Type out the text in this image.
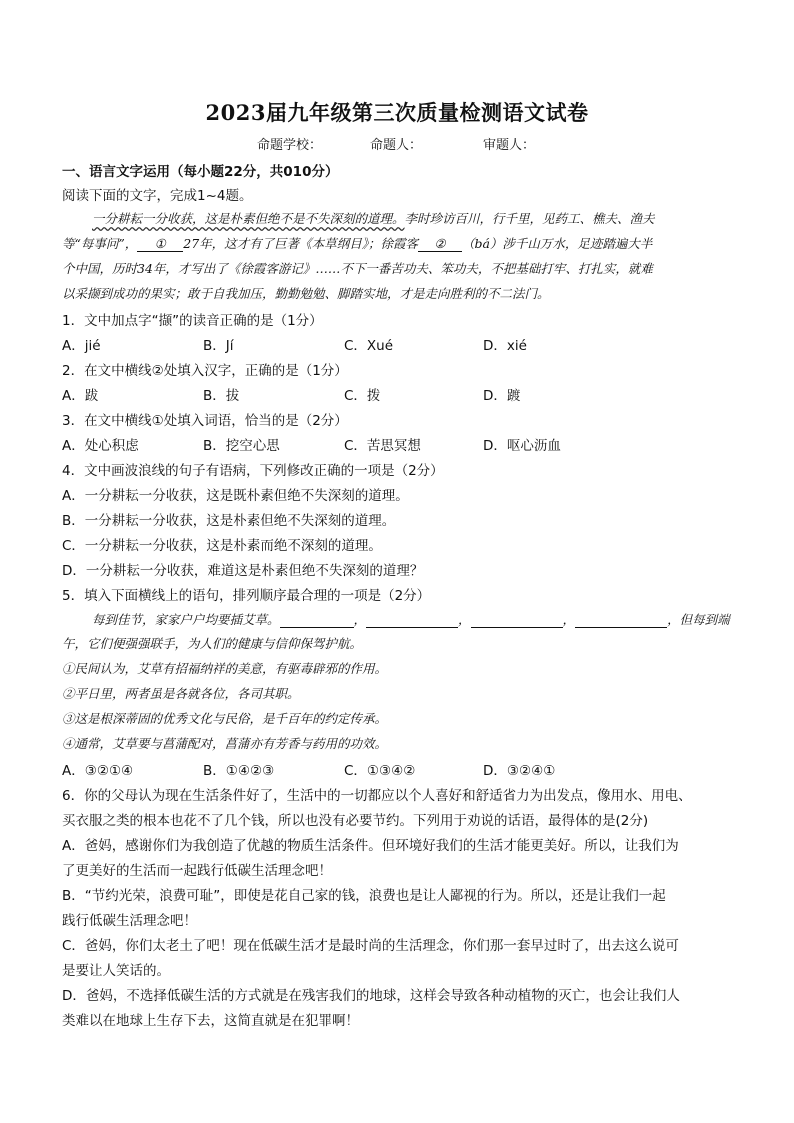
2023届九年级第三次质量检测语文试卷
命题学校：	命题人：	审题人：
一、语言文字运用（每小题22分，共010分）
阅读下面的文字，完成1~4题。
一分耕耘一分收获，这是朴素但绝不是不失深刻的道理。李时珍访百川，行千里，见药工、樵夫、渔夫
等“每事问”， ① 27年，这才有了巨著《本草纲目》；徐霞客 ② （bá）涉千山万水，足迹踏遍大半
个中国，历时34年，才写出了《徐霞客游记》……不下一番苦功夫、笨功夫，不把基础打牢、打扎实，就难
以采撷到成功的果实；敢于自我加压，勤勤勉勉、脚踏实地，才是走向胜利的不二法门。
1．文中加点字“撷”的读音正确的是（1分）
A．jié	B．Jí	C．Xué	D．xié
2．在文中横线②处填入汉字，正确的是（1分）
A．跋	B．拔	C．拨	D．踱
3．在文中横线①处填入词语，恰当的是（2分）
A．处心积虑	B．挖空心思	C．苦思冥想	D．呕心沥血
4．文中画波浪线的句子有语病，下列修改正确的一项是（2分）
A．一分耕耘一分收获，这是既朴素但绝不失深刻的道理。
B．一分耕耘一分收获，这是朴素但绝不失深刻的道理。
C．一分耕耘一分收获，这是朴素而绝不深刻的道理。
D．一分耕耘一分收获，难道这是朴素但绝不失深刻的道理？
5．填入下面横线上的语句，排列顺序最合理的一项是（2分）
每到佳节，家家户户均要插艾草。	，	，	，	，但每到端
午，它们便强强联手，为人们的健康与信仰保驾护航。
①民间认为，艾草有招福纳祥的美意，有驱毒辟邪的作用。
②平日里，两者虽是各就各位，各司其职。
③这是根深蒂固的优秀文化与民俗，是千百年的约定传承。
④通常，艾草要与菖蒲配对，菖蒲亦有芳香与药用的功效。
A．③②①④	B．①④②③	C．①③④②	D．③②④①
6．你的父母认为现在生活条件好了，生活中的一切都应以个人喜好和舒适省力为出发点，像用水、用电、
买衣服之类的根本也花不了几个钱，所以也没有必要节约。下列用于劝说的话语，最得体的是(2分)
A．爸妈，感谢你们为我创造了优越的物质生活条件。但环境好我们的生活才能更美好。所以，让我们为
了更美好的生活而一起践行低碳生活理念吧！
B．“节约光荣，浪费可耻”，即使是花自己家的钱，浪费也是让人鄙视的行为。所以，还是让我们一起
践行低碳生活理念吧！
C．爸妈，你们太老土了吧！现在低碳生活才是最时尚的生活理念，你们那一套早过时了，出去这么说可
是要让人笑话的。
D．爸妈，不选择低碳生活的方式就是在残害我们的地球，这样会导致各种动植物的灭亡，也会让我们人
类难以在地球上生存下去，这简直就是在犯罪啊！
